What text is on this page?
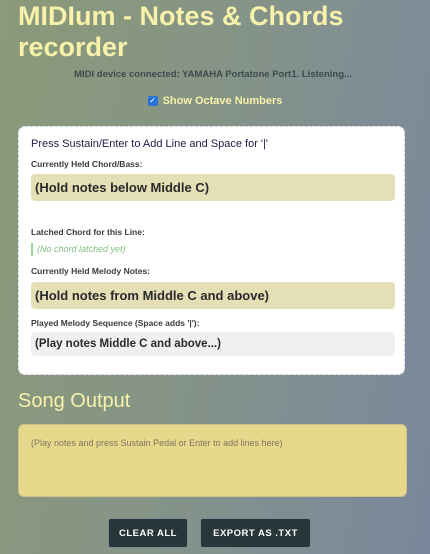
MIDIum - Notes & Chords recorder
MIDI device connected: YAMAHA Portatone Port1. Listening...
✓ Show Octave Numbers
Press Sustain/Enter to Add Line and Space for '|'
Currently Held Chord/Bass:
(Hold notes below Middle C)
Latched Chord for this Line:
(No chord latched yet)
Currently Held Melody Notes:
(Hold notes from Middle C and above)
Played Melody Sequence (Space adds '|'):
(Play notes Middle C and above...)
Song Output
(Play notes and press Sustain Pedal or Enter to add lines here)
CLEAR ALL	EXPORT AS .TXT
